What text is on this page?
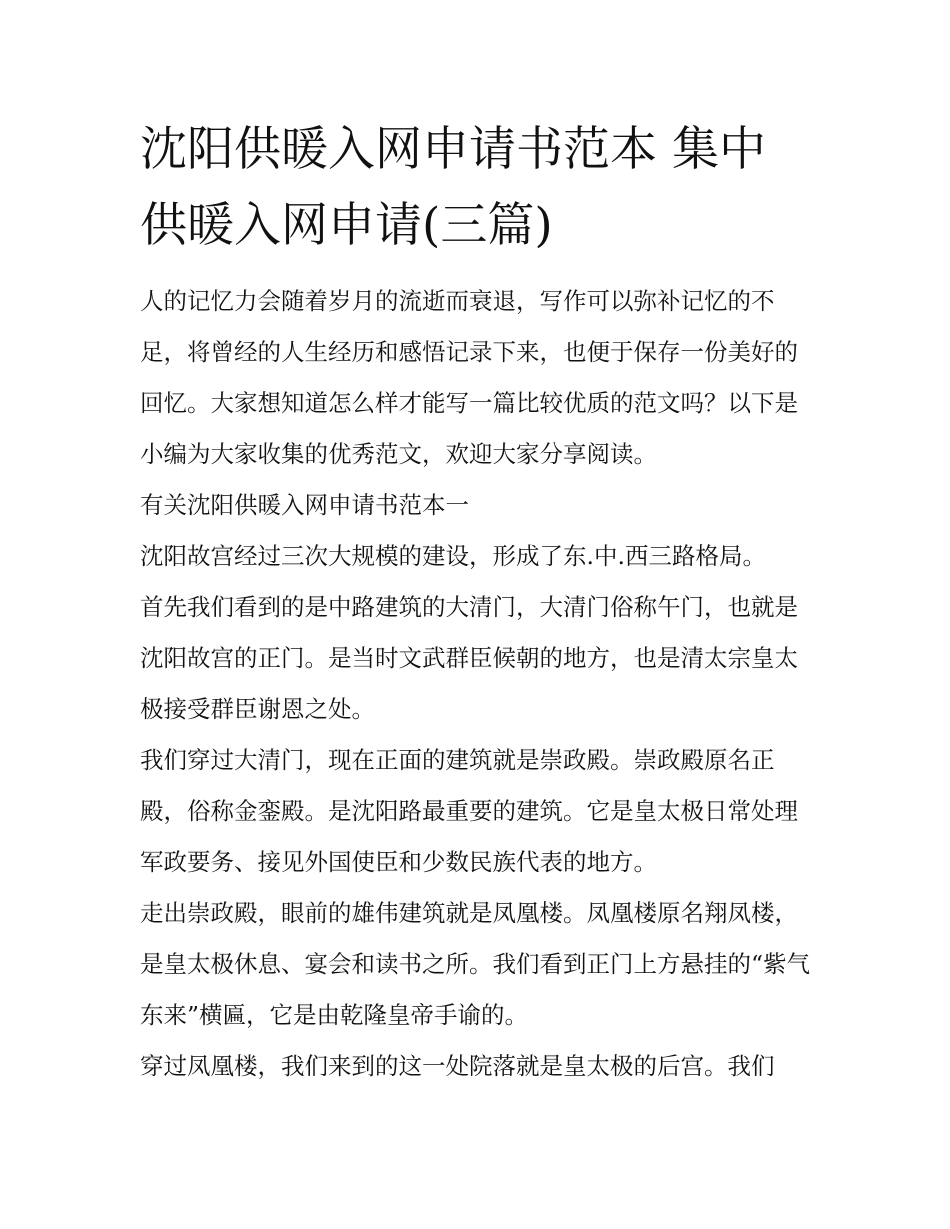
沈阳供暖入网申请书范本 集中供暖入网申请(三篇)

人的记忆力会随着岁月的流逝而衰退，写作可以弥补记忆的不足，将曾经的人生经历和感悟记录下来，也便于保存一份美好的回忆。大家想知道怎么样才能写一篇比较优质的范文吗？以下是小编为大家收集的优秀范文，欢迎大家分享阅读。

有关沈阳供暖入网申请书范本一

沈阳故宫经过三次大规模的建设，形成了东.中.西三路格局。

首先我们看到的是中路建筑的大清门，大清门俗称午门，也就是沈阳故宫的正门。是当时文武群臣候朝的地方，也是清太宗皇太极接受群臣谢恩之处。

我们穿过大清门，现在正面的建筑就是崇政殿。崇政殿原名正殿，俗称金銮殿。是沈阳路最重要的建筑。它是皇太极日常处理军政要务、接见外国使臣和少数民族代表的地方。

走出崇政殿，眼前的雄伟建筑就是凤凰楼。凤凰楼原名翔凤楼，是皇太极休息、宴会和读书之所。我们看到正门上方悬挂的“紫气东来”横匾，它是由乾隆皇帝手谕的。

穿过凤凰楼，我们来到的这一处院落就是皇太极的后宫。我们
